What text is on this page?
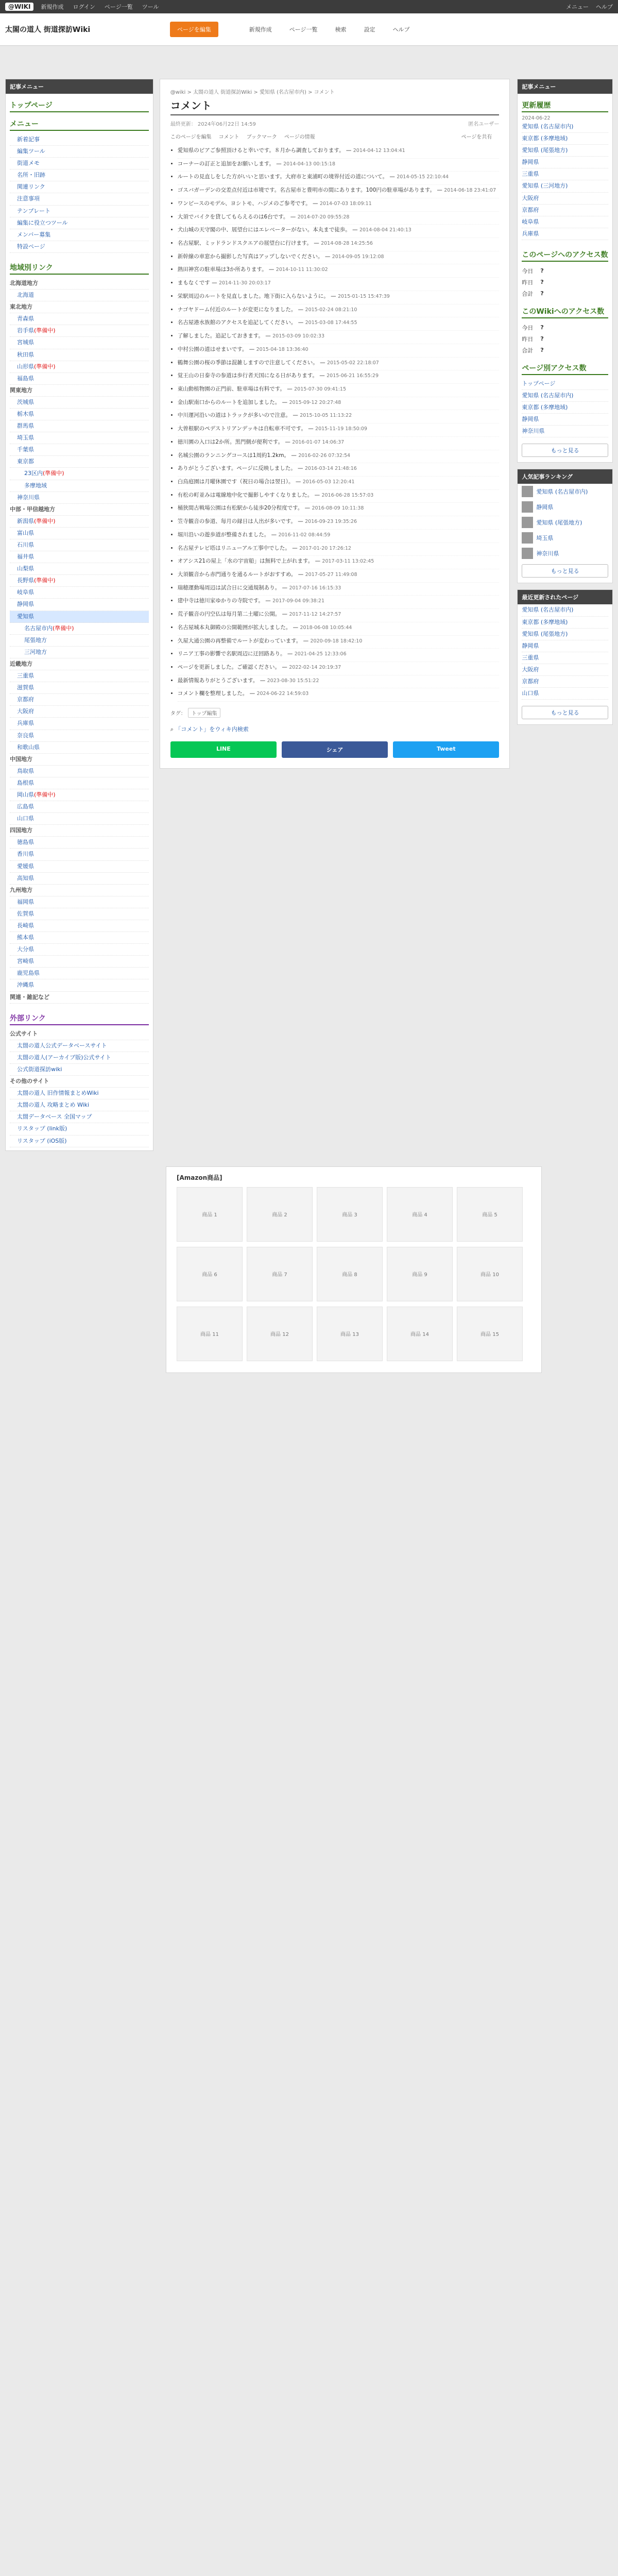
@WIKI	新規作成 ログイン ページ一覧 ツール	メニュー ヘルプ
太閤の道人 街道探訪Wiki	ページを編集	新規作成	ページ一覧	検索	設定	ヘルプ
記事メニュー
トップページ
メニュー
新着記事
編集ツール
街道メモ
名所・旧跡
関連リンク
注意事項
テンプレート
編集に役立つツール
メンバー募集
特設ページ
地域別リンク
北海道地方
北海道
東北地方
青森県
岩手県(準備中)
宮城県
秋田県
山形県(準備中)
福島県
関東地方
茨城県
栃木県
群馬県
埼玉県
千葉県
東京都
23区内(準備中)
多摩地域
神奈川県
中部・甲信越地方
新潟県(準備中)
富山県
石川県
福井県
山梨県
長野県(準備中)
岐阜県
静岡県
愛知県
名古屋市内(準備中)
尾張地方
三河地方
近畿地方
三重県
滋賀県
京都府
大阪府
兵庫県
奈良県
和歌山県
中国地方
鳥取県
島根県
岡山県(準備中)
広島県
山口県
四国地方
徳島県
香川県
愛媛県
高知県
九州地方
福岡県
佐賀県
長崎県
熊本県
大分県
宮崎県
鹿児島県
沖縄県
関連・雑記など
外部リンク
公式サイト
太閤の道人公式データベースサイト
太閤の道人(アーカイブ版)公式サイト
公式街道探訪wiki
その他のサイト
太閤の道人 旧作情報まとめWiki
太閤の道人 攻略まとめ Wiki
太閤データベース 全国マップ
リスタップ (link版)
リスタップ (iOS版)
@wiki > 太閤の道人 街道探訪Wiki > 愛知県 (名古屋市内) > コメント
コメント
最終更新： 2024年06月22日 14:59	匿名ユーザー
このページを編集 コメント ブックマーク ページの情報	ページを共有
• 愛知県のピアご参照頂けると幸いです。８月から調査しております。 — 2014-04-12 13:04:41
• コーナーの訂正と追加をお願いします。 — 2014-04-13 00:15:18
• ルートの見直しをした方がいいと思います。大府市と東浦町の境界付近の道について。 — 2014-05-15 22:10:44
• ゴスバガーデンの交差点付近は市境です。名古屋市と豊明市の間にあります。100円の駐車場があります。 — 2014-06-18 23:41:07
• ワンピースのモデル、ヨシトモ、ハジメのご参考です。 — 2014-07-03 18:09:11
• 大須でバイクを貸してもらえるのは6台です。 — 2014-07-20 09:55:28
• 犬山城の天守閣の中、展望台にはエレベーターがない。本丸まで徒歩。 — 2014-08-04 21:40:13
• 名古屋駅、ミッドランドスクエアの展望台に行けます。 — 2014-08-28 14:25:56
• 新幹線の車窓から撮影した写真はアップしないでください。 — 2014-09-05 19:12:08
• 熱田神宮の駐車場は3か所あります。 — 2014-10-11 11:30:02
• まもなくです — 2014-11-30 20:03:17
• 栄駅周辺のルートを見直しました。地下街に入らないように。 — 2015-01-15 15:47:39
• ナゴヤドーム付近のルートが変更になりました。 — 2015-02-24 08:21:10
• 名古屋港水族館のアクセスを追記してください。 — 2015-03-08 17:44:55
• 了解しました。追記しておきます。 — 2015-03-09 10:02:33
• 中村公園の道はせまいです。 — 2015-04-18 13:36:40
• 鶴舞公園の桜の季節は混雑しますので注意してください。 — 2015-05-02 22:18:07
• 覚王山の日泰寺の参道は歩行者天国になる日があります。 — 2015-06-21 16:55:29
• 東山動植物園の正門前、駐車場は有料です。 — 2015-07-30 09:41:15
• 金山駅南口からのルートを追加しました。 — 2015-09-12 20:27:48
• 中川運河沿いの道はトラックが多いので注意。 — 2015-10-05 11:13:22
• 大曽根駅のペデストリアンデッキは自転車不可です。 — 2015-11-19 18:50:09
• 徳川園の入口は2か所。黒門側が便利です。 — 2016-01-07 14:06:37
• 名城公園のランニングコースは1周約1.2km。 — 2016-02-26 07:32:54
• ありがとうございます。ページに反映しました。 — 2016-03-14 21:48:16
• 白鳥庭園は月曜休園です（祝日の場合は翌日）。 — 2016-05-03 12:20:41
• 有松の町並みは電線地中化で撮影しやすくなりました。 — 2016-06-28 15:57:03
• 桶狭間古戦場公園は有松駅から徒歩20分程度です。 — 2016-08-09 10:11:38
• 笠寺観音の参道、毎月の縁日は人出が多いです。 — 2016-09-23 19:35:26
• 堀川沿いの遊歩道が整備されました。 — 2016-11-02 08:44:59
• 名古屋テレビ塔はリニューアル工事中でした。 — 2017-01-20 17:26:12
• オアシス21の屋上「水の宇宙船」は無料で上がれます。 — 2017-03-11 13:02:45
• 大須観音から赤門通りを通るルートがおすすめ。 — 2017-05-27 11:49:08
• 瑞穂運動場周辺は試合日に交通規制あり。 — 2017-07-16 16:15:33
• 建中寺は徳川家ゆかりの寺院です。 — 2017-09-04 09:38:21
• 荒子観音の円空仏は毎月第二土曜に公開。 — 2017-11-12 14:27:57
• 名古屋城本丸御殿の公開範囲が拡大しました。 — 2018-06-08 10:05:44
• 久屋大通公園の再整備でルートが変わっています。 — 2020-09-18 18:42:10
• リニア工事の影響で名駅周辺に迂回路あり。 — 2021-04-25 12:33:06
• ページを更新しました。ご確認ください。 — 2022-02-14 20:19:37
• 最新情報ありがとうございます。 — 2023-08-30 15:51:22
• コメント欄を整理しました。 — 2024-06-22 14:59:03
タグ： トップ編集
⌕ 「コメント」をウィキ内検索
LINE	シェア	Tweet
記事メニュー
更新履歴
2024-06-22
愛知県 (名古屋市内)
東京都 (多摩地域)
愛知県 (尾張地方)
静岡県
三重県
愛知県 (三河地方)
大阪府
京都府
岐阜県
兵庫県
このページへのアクセス数
今日	?
昨日	?
合計	?
このWikiへのアクセス数
今日	?
昨日	?
合計	?
ページ別アクセス数
トップページ
愛知県 (名古屋市内)
東京都 (多摩地域)
静岡県
神奈川県
もっと見る
人気記事ランキング
愛知県 (名古屋市内)
静岡県
愛知県 (尾張地方)
埼玉県
神奈川県
もっと見る
最近更新されたページ
愛知県 (名古屋市内)
東京都 (多摩地域)
愛知県 (尾張地方)
静岡県
三重県
大阪府
京都府
山口県
もっと見る
[Amazon商品]
商品 1	商品 2	商品 3	商品 4	商品 5
商品 6	商品 7	商品 8	商品 9	商品 10
商品 11	商品 12	商品 13	商品 14	商品 15
